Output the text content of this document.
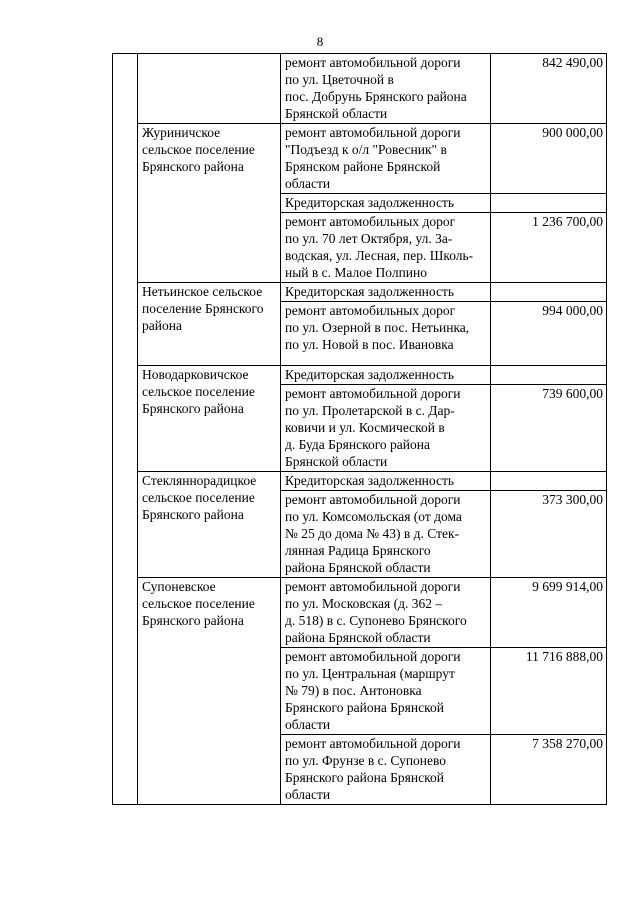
8
		ремонт автомобильной дороги
по ул. Цветочной в
пос. Добрунь Брянского района
Брянской области	842 490,00
	Журиничское
сельское поселение
Брянского района	ремонт автомобильной дороги
"Подъезд к о/л "Ровесник" в
Брянском районе Брянской
области	900 000,00
		Кредиторская задолженность	
		ремонт автомобильных дорог
по ул. 70 лет Октября, ул. За-
водская, ул. Лесная, пер. Школь-
ный в с. Малое Полпино	1 236 700,00
	Нетьинское сельское
поселение Брянского
района	Кредиторская задолженность	
		ремонт автомобильных дорог
по ул. Озерной в пос. Нетьинка,
по ул. Новой в пос. Ивановка	994 000,00
	Новодарковичское
сельское поселение
Брянского района	Кредиторская задолженность	
		ремонт автомобильной дороги
по ул. Пролетарской в с. Дар-
ковичи и ул. Космической в
д. Буда Брянского района
Брянской области	739 600,00
	Стеклянноpадицкое
сельское поселение
Брянского района	Кредиторская задолженность	
		ремонт автомобильной дороги
по ул. Комсомольская (от дома
№ 25 до дома № 43) в д. Стек-
лянная Радица Брянского
района Брянской области	373 300,00
	Супоневское
сельское поселение
Брянского района	ремонт автомобильной дороги
по ул. Московская (д. 362 –
д. 518) в с. Супонево Брянского
района Брянской области	9 699 914,00
		ремонт автомобильной дороги
по ул. Центральная (маршрут
№ 79) в пос. Антоновка
Брянского района Брянской
области	11 716 888,00
		ремонт автомобильной дороги
по ул. Фрунзе в с. Супонево
Брянского района Брянской
области	7 358 270,00
